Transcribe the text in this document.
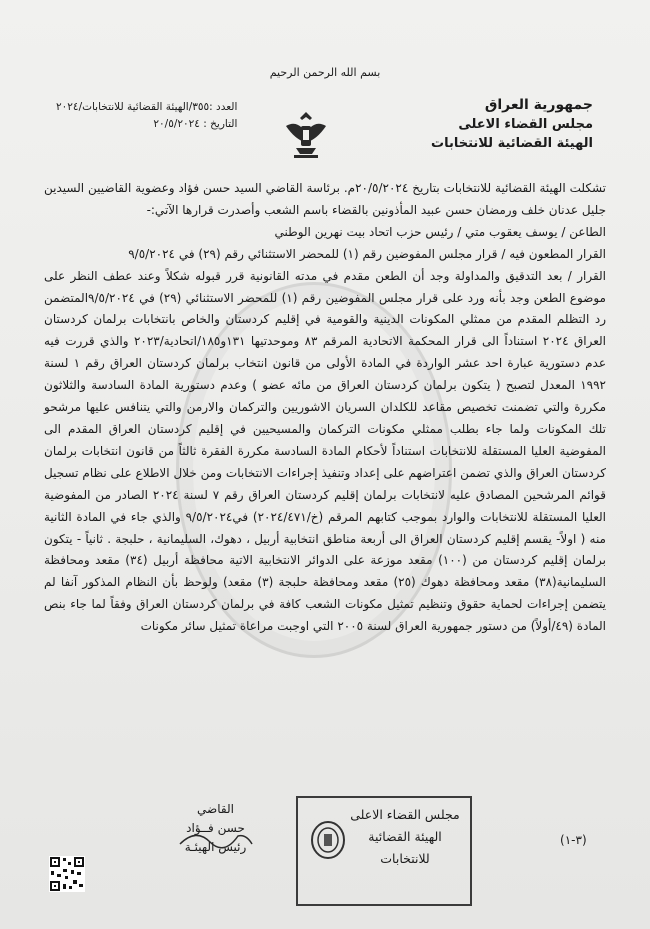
بسم الله الرحمن الرحيم
جمهورية العراق
مجلس القضاء الاعلى
الهيئة القضائية للانتخابات
العدد :٣٥٥/الهيئة القضائية للانتخابات/٢٠٢٤
التاريخ : ٢٠/٥/٢٠٢٤

تشكلت الهيئة القضائية للانتخابات بتاريخ ٢٠/٥/٢٠٢٤م. برئاسة القاضي السيد حسن فؤاد وعضوية القاضيين السيدين جليل عدنان خلف ورمضان حسن عبيد المأذونين بالقضاء باسم الشعب وأصدرت قرارها الآتي:-

الطاعن / يوسف يعقوب متي / رئيس حزب اتحاد بيت نهرين الوطني

القرار المطعون فيه / قرار مجلس المفوضين رقم (١) للمحضر الاستثنائي رقم (٢٩) في ٩/٥/٢٠٢٤

القرار / بعد التدقيق والمداولة وجد أن الطعن مقدم في مدته القانونية قرر قبوله شكلاً وعند عطف النظر على موضوع الطعن وجد بأنه ورد على قرار مجلس المفوضين رقم (١) للمحضر الاستثنائي (٢٩) في ٩/٥/٢٠٢٤المتضمن رد التظلم المقدم من ممثلي المكونات الدينية والقومية في إقليم كردستان والخاص بانتخابات برلمان كردستان العراق ٢٠٢٤ استناداً الى قرار المحكمة الاتحادية المرقم ٨٣ وموحدتيها ١٣١و١٨٥/اتحادية/٢٠٢٣ والذي قررت فيه عدم دستورية عبارة احد عشر الواردة في المادة الأولى من قانون انتخاب برلمان كردستان العراق رقم ١ لسنة ١٩٩٢ المعدل لتصبح ( يتكون برلمان كردستان العراق من مائه عضو ) وعدم دستورية المادة السادسة والثلاثون مكررة والتي تضمنت تخصيص مقاعد للكلدان السريان الاشوريين والتركمان والارمن والتي يتنافس عليها مرشحو تلك المكونات ولما جاء بطلب ممثلي مكونات التركمان والمسيحيين في إقليم كردستان العراق المقدم الى المفوضية العليا المستقلة للانتخابات استناداً لأحكام المادة السادسة مكررة الفقرة ثالثاً من قانون انتخابات برلمان كردستان العراق والذي تضمن اعتراضهم على إعداد وتنفيذ إجراءات الانتخابات ومن خلال الاطلاع على نظام تسجيل قوائم المرشحين المصادق عليه لانتخابات برلمان إقليم كردستان العراق رقم ٧ لسنة ٢٠٢٤ الصادر من المفوضية العليا المستقلة للانتخابات والوارد بموجب كتابهم المرقم (خ/٢٠٢٤/٤٧١) في٩/٥/٢٠٢٤ والذي جاء في المادة الثانية منه ( اولاً- يقسم إقليم كردستان العراق الى أربعة مناطق انتخابية أربيل ، دهوك، السليمانية ، حلبجة . ثانياً - يتكون برلمان إقليم كردستان من (١٠٠) مقعد موزعة على الدوائر الانتخابية الاتية محافظة أربيل (٣٤) مقعد ومحافظة السليمانية(٣٨) مقعد ومحافظة دهوك (٢٥) مقعد ومحافظة حلبجة (٣) مقعد) ولوحظ بأن النظام المذكور آنفا لم يتضمن إجراءات لحماية حقوق وتنظيم تمثيل مكونات الشعب كافة في برلمان كردستان العراق وفقاً لما جاء بنص المادة (٤٩/أولاً) من دستور جمهورية العراق لسنة ٢٠٠٥ التي اوجبت مراعاة تمثيل سائر مكونات

القاضي
حسن فــؤاد
رئيس الهيئـة
مجلس القضاء الاعلى
الهيئة القضائية
للانتخابات
(٣-١)
